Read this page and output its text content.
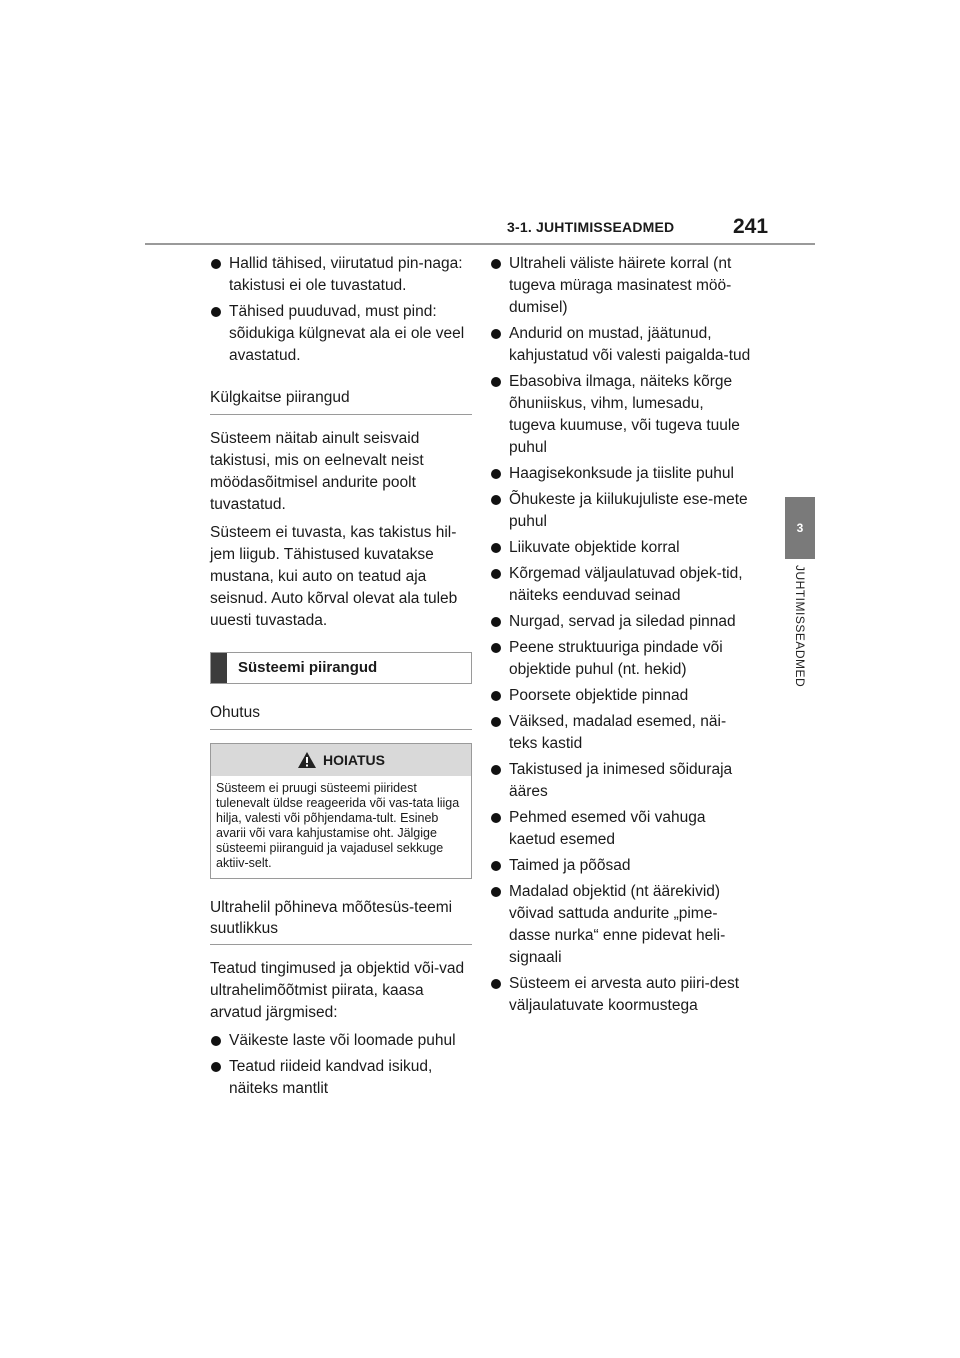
3-1. JUHTIMISSEADMED	241
3
JUHTIMISSEADMED
Hallid tähised, viirutatud pin-naga: takistusi ei ole tuvastatud.
Tähised puuduvad, must pind: sõidukiga külgnevat ala ei ole veel avastatud.
Külgkaitse piirangud

Süsteem näitab ainult seisvaid takistusi, mis on eelnevalt neist möödasõitmisel andurite poolt tuvastatud.

Süsteem ei tuvasta, kas takistus hil-jem liigub. Tähistused kuvatakse mustana, kui auto on teatud aja seisnud. Auto kõrval olevat ala tuleb uuesti tuvastada.

Süsteemi piirangud
Ohutus
HOIATUS
Süsteem ei pruugi süsteemi piiridest tulenevalt üldse reageerida või vas-tata liiga hilja, valesti või põhjendama-tult. Esineb avarii või vara kahjustamise oht. Jälgige süsteemi piiranguid ja vajadusel sekkuge aktiiv-selt.
Ultrahelil põhineva mõõtesüs-teemi suutlikkus

Teatud tingimused ja objektid või-vad ultrahelimõõtmist piirata, kaasa arvatud järgmised:

Väikeste laste või loomade puhul
Teatud riideid kandvad isikud, näiteks mantlit
Ultraheli väliste häirete korral (nt tugeva müraga masinatest möö-dumisel)
Andurid on mustad, jäätunud, kahjustatud või valesti paigalda-tud
Ebasobiva ilmaga, näiteks kõrge õhuniiskus, vihm, lumesadu, tugeva kuumuse, või tugeva tuule puhul
Haagisekonksude ja tiislite puhul
Õhukeste ja kiilukujuliste ese-mete puhul
Liikuvate objektide korral
Kõrgemad väljaulatuvad objek-tid, näiteks eenduvad seinad
Nurgad, servad ja siledad pinnad
Peene struktuuriga pindade või objektide puhul (nt. hekid)
Poorsete objektide pinnad
Väiksed, madalad esemed, näi-teks kastid
Takistused ja inimesed sõiduraja ääres
Pehmed esemed või vahuga kaetud esemed
Taimed ja põõsad
Madalad objektid (nt äärekivid) võivad sattuda andurite „pime-dasse nurka“ enne pidevat heli-signaali
Süsteem ei arvesta auto piiri-dest väljaulatuvate koormustega
